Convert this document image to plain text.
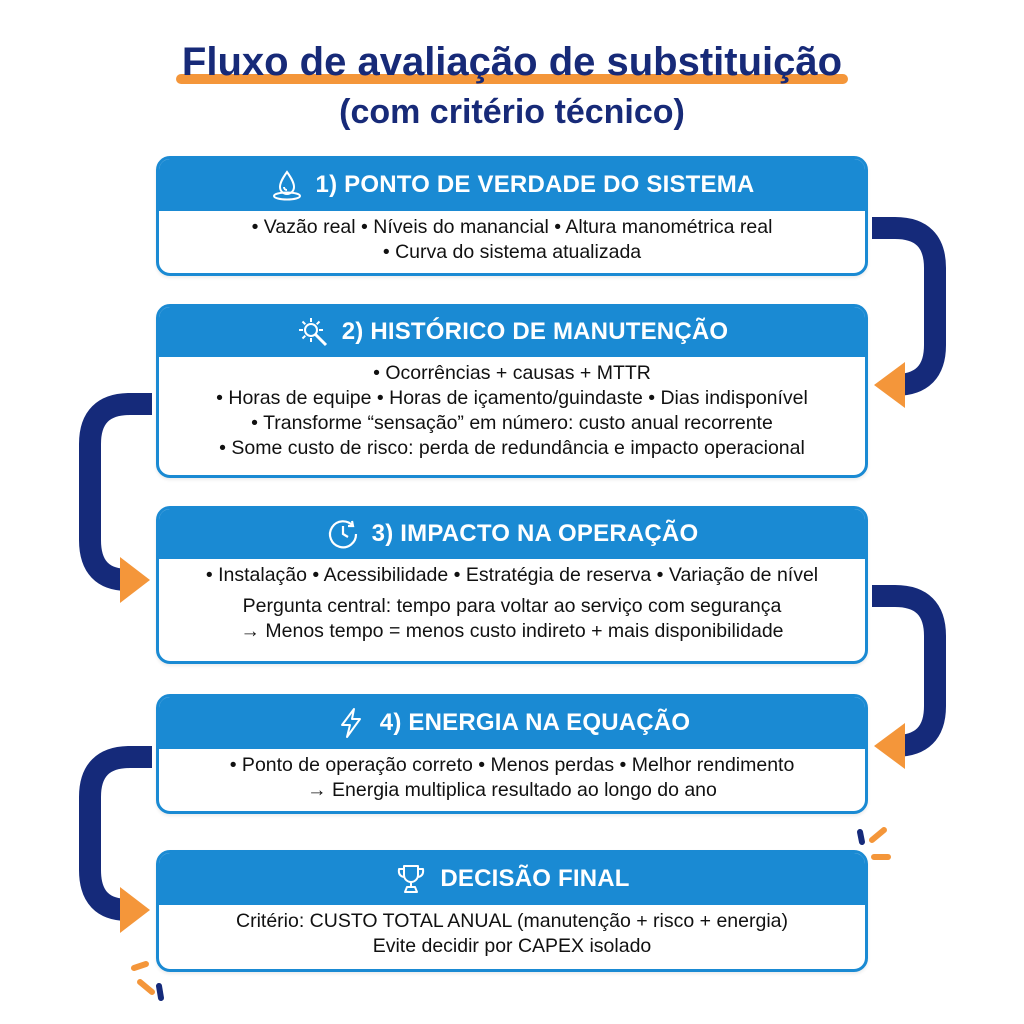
Fluxo de avaliação de substituição
(com critério técnico)
1) PONTO DE VERDADE DO SISTEMA
• Vazão real • Níveis do manancial • Altura manométrica real
• Curva do sistema atualizada
2) HISTÓRICO DE MANUTENÇÃO
• Ocorrências + causas + MTTR
• Horas de equipe • Horas de içamento/guindaste • Dias indisponível
• Transforme “sensação” em número: custo anual recorrente
• Some custo de risco: perda de redundância e impacto operacional
3) IMPACTO NA OPERAÇÃO
• Instalação • Acessibilidade • Estratégia de reserva • Variação de nível
Pergunta central: tempo para voltar ao serviço com segurança
→ Menos tempo = menos custo indireto + mais disponibilidade
4) ENERGIA NA EQUAÇÃO
• Ponto de operação correto • Menos perdas • Melhor rendimento
→ Energia multiplica resultado ao longo do ano
DECISÃO FINAL
Critério: CUSTO TOTAL ANUAL (manutenção + risco + energia)
Evite decidir por CAPEX isolado
